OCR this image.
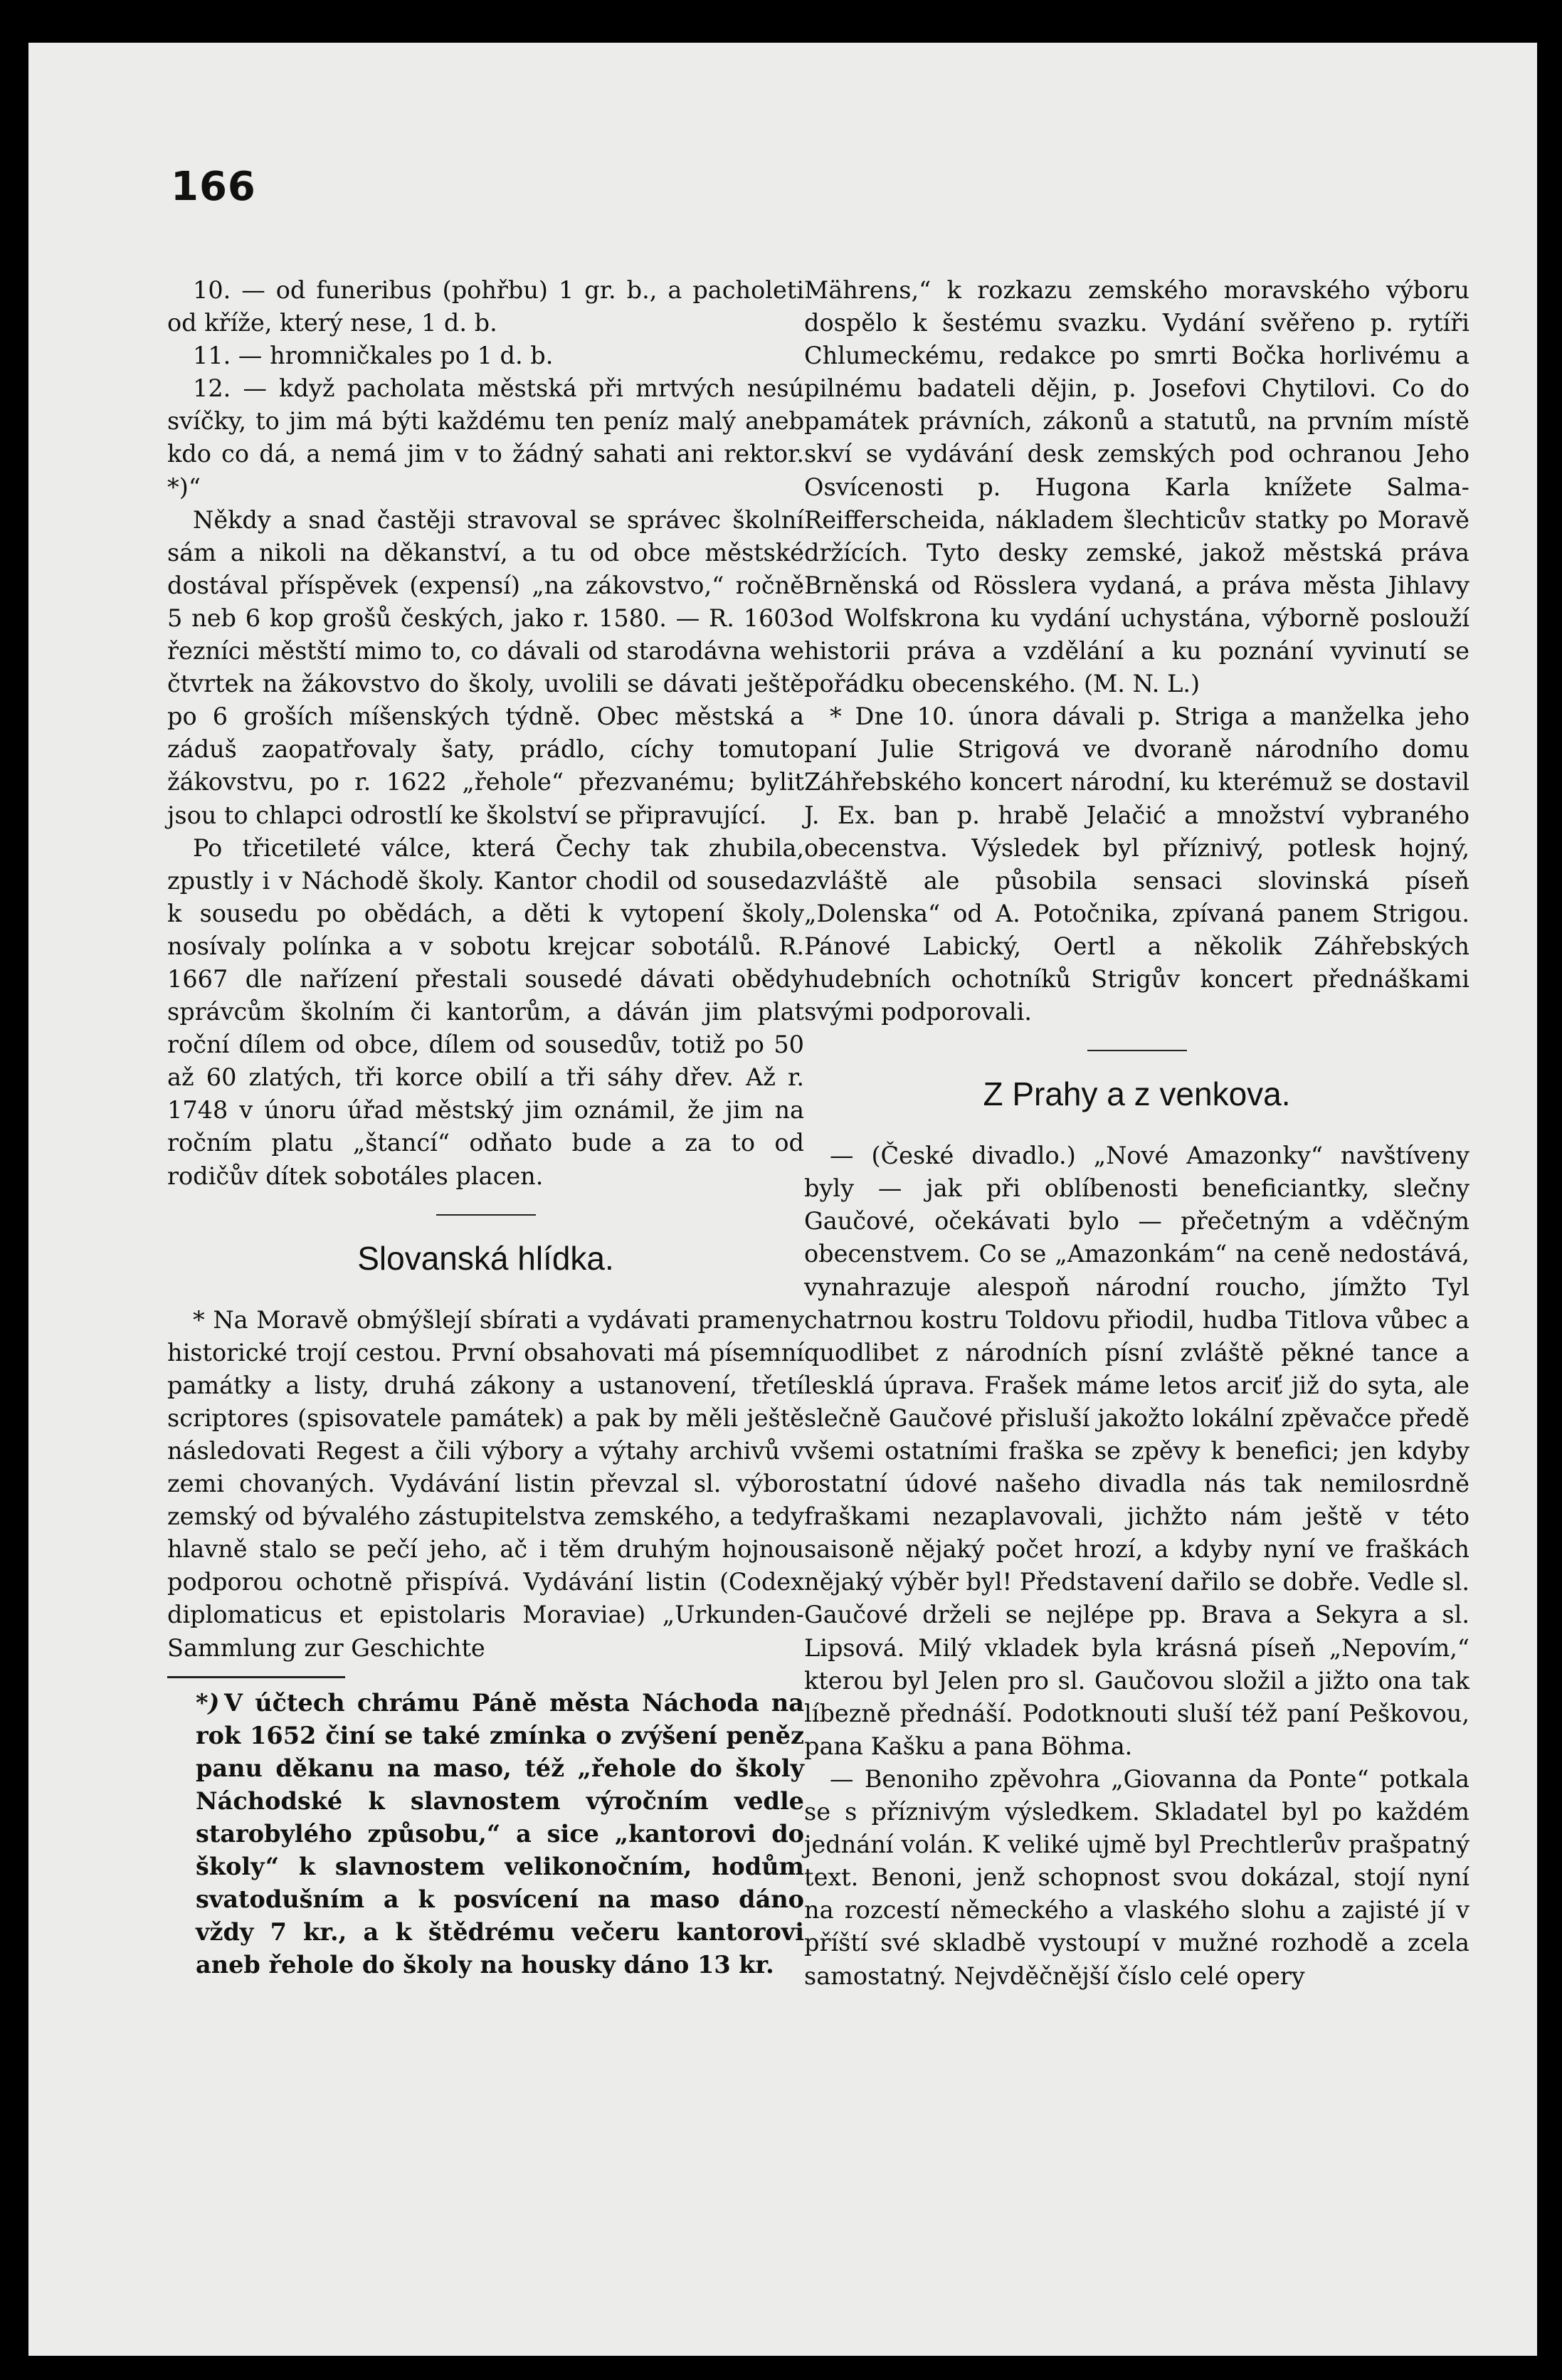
166

10. — od funeribus (pohřbu) 1 gr. b., a pacholeti od kříže, který nese, 1 d. b.

11. — hromničkales po 1 d. b.

12. — když pacholata městská při mrtvých nesú svíčky, to jim má býti každému ten peníz malý aneb kdo co dá, a nemá jim v to žádný sahati ani rektor. *)“

Někdy a snad častěji stravoval se správec školní sám a nikoli na děkanství, a tu od obce městské dostával příspěvek (expensí) „na zákovstvo,“ ročně 5 neb 6 kop grošů českých, jako r. 1580. — R. 1603 řezníci městští mimo to, co dávali od starodávna we čtvrtek na žákovstvo do školy, uvolili se dávati ještě po 6 groších míšenských týdně. Obec městská a záduš zaopatřovaly šaty, prádlo, cíchy tomuto žákovstvu, po r. 1622 „řehole“ přezvanému; bylit jsou to chlapci odrostlí ke školství se připravující.

Po třicetileté válce, která Čechy tak zhubila, zpustly i v Náchodě školy. Kantor chodil od souseda k sousedu po obědách, a děti k vytopení školy nosívaly polínka a v sobotu krejcar sobotálů. R. 1667 dle nařízení přestali sousedé dávati obědy správcům školním či kantorům, a dáván jim plat roční dílem od obce, dílem od sousedův, totiž po 50 až 60 zlatých, tři korce obilí a tři sáhy dřev. Až r. 1748 v únoru úřad městský jim oznámil, že jim na ročním platu „štancí“ odňato bude a za to od rodičův dítek sobotáles placen.

Slovanská hlídka.

* Na Moravě obmýšlejí sbírati a vydávati prameny historické trojí cestou. První obsahovati má písemní památky a listy, druhá zákony a ustanovení, třetí scriptores (spisovatele památek) a pak by měli ještě následovati Regest a čili výbory a výtahy archivů v zemi chovaných. Vydávání listin převzal sl. výbor zemský od bývalého zástupitelstva zemského, a tedy hlavně stalo se pečí jeho, ač i těm druhým hojnou podporou ochotně přispívá. Vydávání listin (Codex diplomaticus et epistolaris Moraviae) „Urkunden-Sammlung zur Geschichte

*) V účtech chrámu Páně města Náchoda na rok 1652 činí se také zmínka o zvýšení peněz panu děkanu na maso, též „řehole do školy Náchodské k slavnostem výročním vedle starobylého způsobu,“ a sice „kantorovi do školy“ k slavnostem velikonočním, hodům svatodušním a k posvícení na maso dáno vždy 7 kr., a k štědrému večeru kantorovi aneb řehole do školy na housky dáno 13 kr.

Mährens,“ k rozkazu zemského moravského výboru dospělo k šestému svazku. Vydání svěřeno p. rytíři Chlumeckému, redakce po smrti Bočka horlivému a pilnému badateli dějin, p. Josefovi Chytilovi. Co do památek právních, zákonů a statutů, na prvním místě skví se vydávání desk zemských pod ochranou Jeho Osvícenosti p. Hugona Karla knížete Salma-Reifferscheida, nákladem šlechticův statky po Moravě držících. Tyto desky zemské, jakož městská práva Brněnská od Rösslera vydaná, a práva města Jihlavy od Wolfskrona ku vydání uchystána, výborně poslouží historii práva a vzdělání a ku poznání vyvinutí se pořádku obecenského. (M. N. L.)

* Dne 10. února dávali p. Striga a manželka jeho paní Julie Strigová ve dvoraně národního domu Záhřebského koncert národní, ku kterémuž se dostavil J. Ex. ban p. hrabě Jelačić a množství vybraného obecenstva. Výsledek byl příznivý, potlesk hojný, zvláště ale působila sensaci slovinská píseň „Dolenska“ od A. Potočnika, zpívaná panem Strigou. Pánové Labický, Oertl a několik Záhřebských hudebních ochotníků Strigův koncert přednáškami svými podporovali.

Z Prahy a z venkova.

— (České divadlo.) „Nové Amazonky“ navštíveny byly — jak při oblíbenosti beneficiantky, slečny Gaučové, očekávati bylo — přečetným a vděčným obecenstvem. Co se „Amazonkám“ na ceně nedostává, vynahrazuje alespoň národní roucho, jímžto Tyl chatrnou kostru Toldovu přiodil, hudba Titlova vůbec a quodlibet z národních písní zvláště pěkné tance a lesklá úprava. Frašek máme letos arciť již do syta, ale slečně Gaučové přisluší jakožto lokální zpěvačce předě všemi ostatními fraška se zpěvy k benefici; jen kdyby ostatní údové našeho divadla nás tak nemilosrdně fraškami nezaplavovali, jichžto nám ještě v této saisoně nějaký počet hrozí, a kdyby nyní ve fraškách nějaký výběr byl! Představení dařilo se dobře. Vedle sl. Gaučové drželi se nejlépe pp. Brava a Sekyra a sl. Lipsová. Milý vkladek byla krásná píseň „Nepovím,“ kterou byl Jelen pro sl. Gaučovou složil a jižto ona tak líbezně přednáší. Podotknouti sluší též paní Peškovou, pana Kašku a pana Böhma.

— Benoniho zpěvohra „Giovanna da Ponte“ potkala se s příznivým výsledkem. Skladatel byl po každém jednání volán. K veliké ujmě byl Prechtlerův prašpatný text. Benoni, jenž schopnost svou dokázal, stojí nyní na rozcestí německého a vlaského slohu a zajisté jí v příští své skladbě vystoupí v mužné rozhodě a zcela samostatný. Nejvděčnější číslo celé opery
